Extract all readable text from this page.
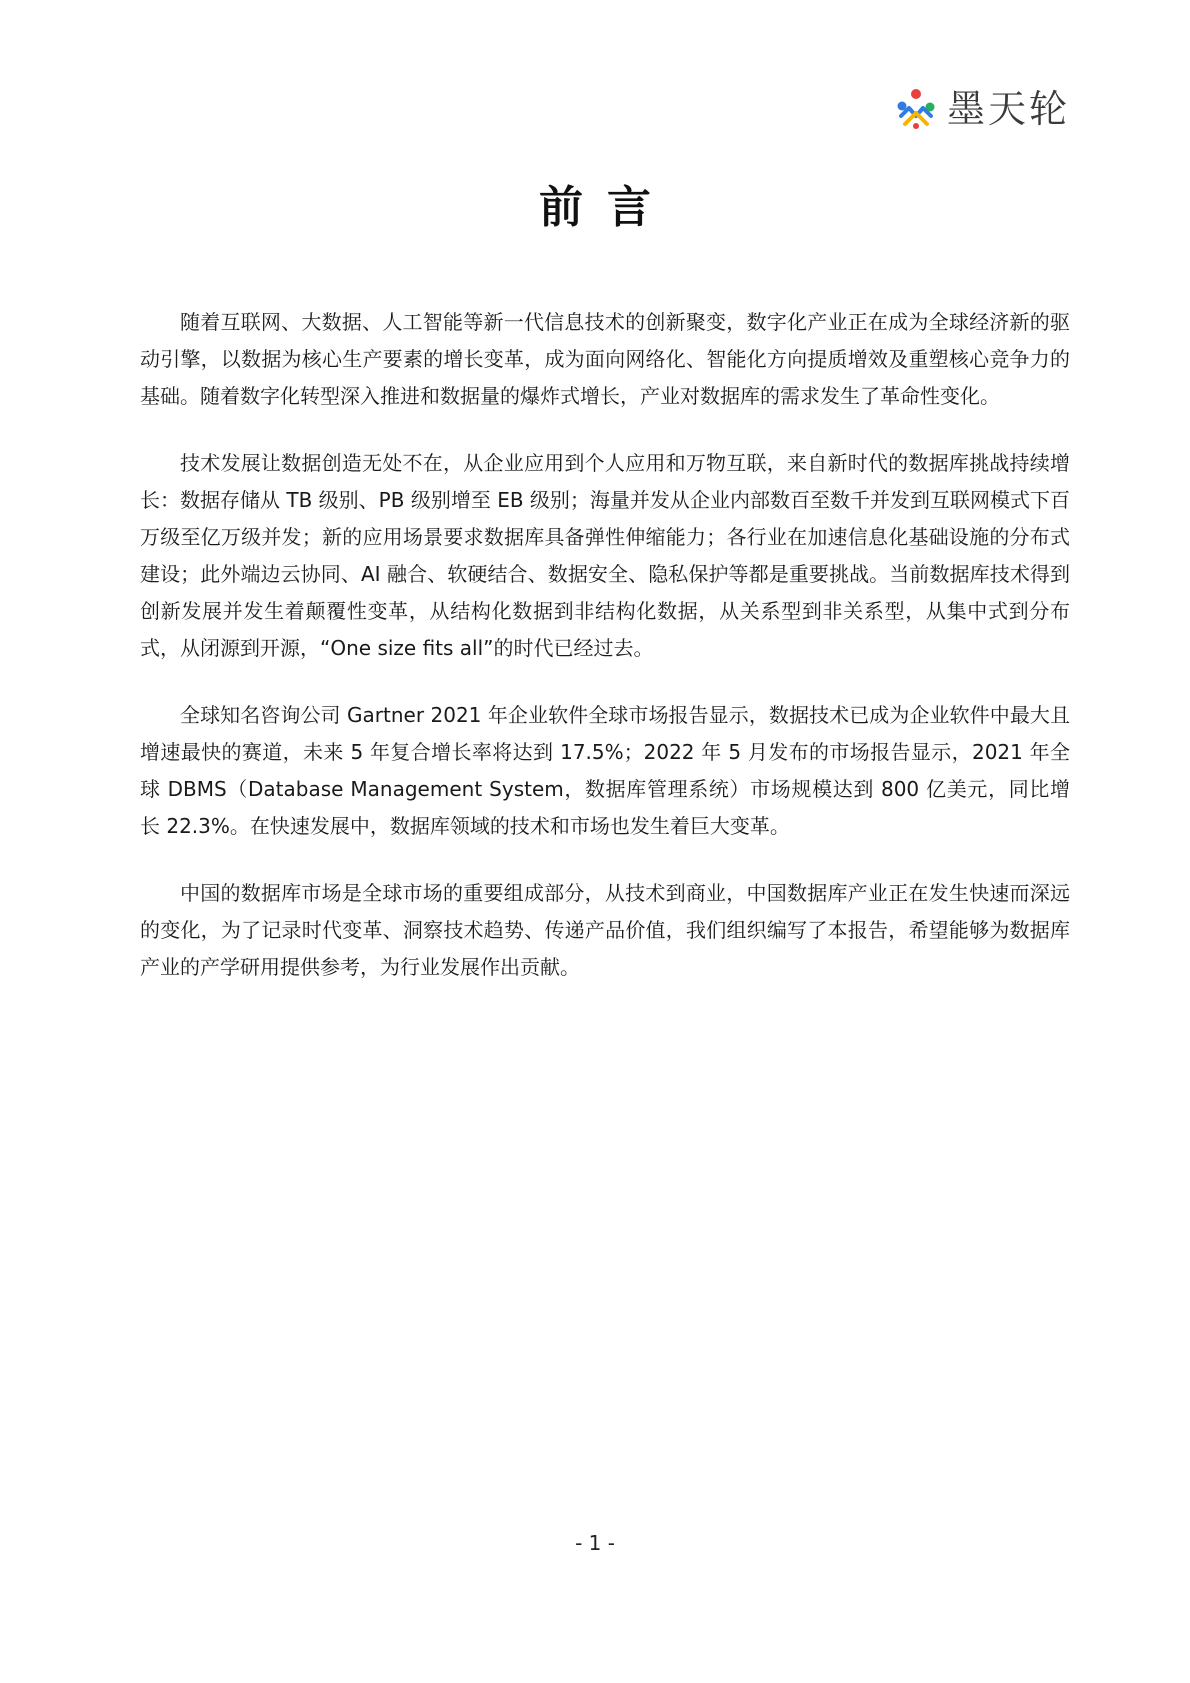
墨天轮
前言

随着互联网、大数据、人工智能等新一代信息技术的创新聚变，数字化产业正在成为全球经济新的驱动引擎，以数据为核心生产要素的增长变革，成为面向网络化、智能化方向提质增效及重塑核心竞争力的基础。随着数字化转型深入推进和数据量的爆炸式增长，产业对数据库的需求发生了革命性变化。

技术发展让数据创造无处不在，从企业应用到个人应用和万物互联，来自新时代的数据库挑战持续增长：数据存储从 TB 级别、PB 级别增至 EB 级别；海量并发从企业内部数百至数千并发到互联网模式下百万级至亿万级并发；新的应用场景要求数据库具备弹性伸缩能力；各行业在加速信息化基础设施的分布式建设；此外端边云协同、AI 融合、软硬结合、数据安全、隐私保护等都是重要挑战。当前数据库技术得到创新发展并发生着颠覆性变革，从结构化数据到非结构化数据，从关系型到非关系型，从集中式到分布式，从闭源到开源，“One size fits all”的时代已经过去。

全球知名咨询公司 Gartner 2021 年企业软件全球市场报告显示，数据技术已成为企业软件中最大且增速最快的赛道，未来 5 年复合增长率将达到 17.5%；2022 年 5 月发布的市场报告显示，2021 年全球 DBMS（Database Management System，数据库管理系统）市场规模达到 800 亿美元，同比增长 22.3%。在快速发展中，数据库领域的技术和市场也发生着巨大变革。

中国的数据库市场是全球市场的重要组成部分，从技术到商业，中国数据库产业正在发生快速而深远的变化，为了记录时代变革、洞察技术趋势、传递产品价值，我们组织编写了本报告，希望能够为数据库产业的产学研用提供参考，为行业发展作出贡献。

- 1 -
